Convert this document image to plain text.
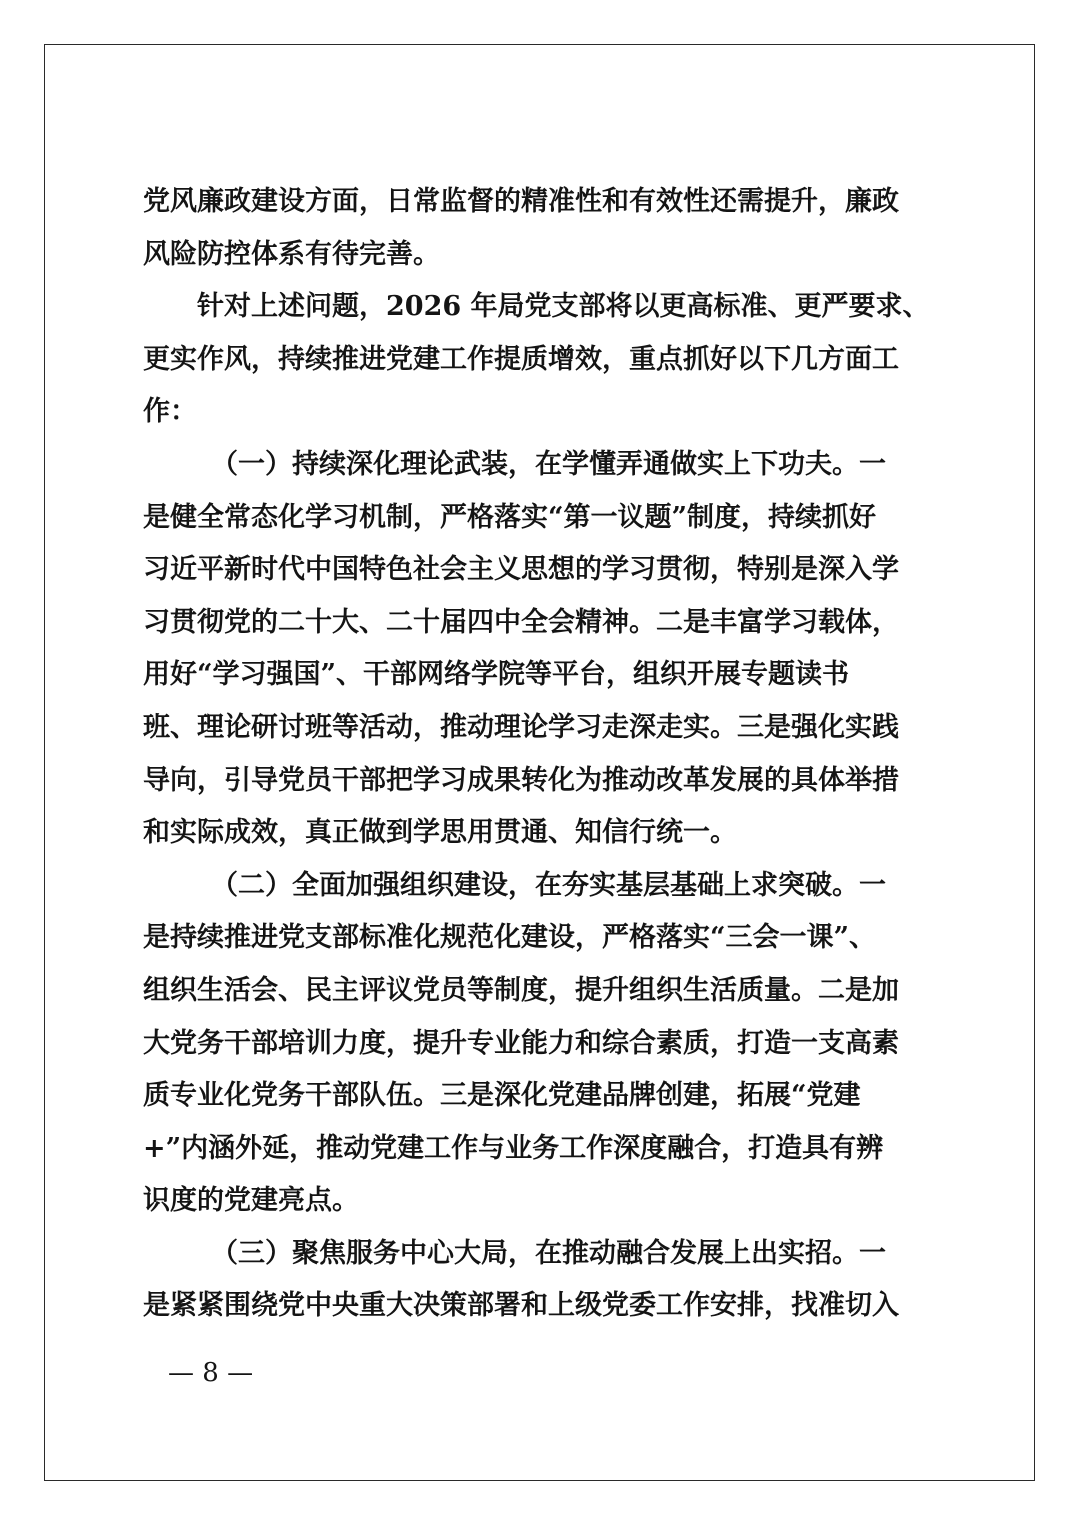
党风廉政建设方面，日常监督的精准性和有效性还需提升，廉政
风险防控体系有待完善。
针对上述问题，2026 年局党支部将以更高标准、更严要求、
更实作风，持续推进党建工作提质增效，重点抓好以下几方面工
作：
（一）持续深化理论武装，在学懂弄通做实上下功夫。一
是健全常态化学习机制，严格落实“第一议题”制度，持续抓好
习近平新时代中国特色社会主义思想的学习贯彻，特别是深入学
习贯彻党的二十大、二十届四中全会精神。二是丰富学习载体，
用好“学习强国”、干部网络学院等平台，组织开展专题读书
班、理论研讨班等活动，推动理论学习走深走实。三是强化实践
导向，引导党员干部把学习成果转化为推动改革发展的具体举措
和实际成效，真正做到学思用贯通、知信行统一。
（二）全面加强组织建设，在夯实基层基础上求突破。一
是持续推进党支部标准化规范化建设，严格落实“三会一课”、
组织生活会、民主评议党员等制度，提升组织生活质量。二是加
大党务干部培训力度，提升专业能力和综合素质，打造一支高素
质专业化党务干部队伍。三是深化党建品牌创建，拓展“党建
+”内涵外延，推动党建工作与业务工作深度融合，打造具有辨
识度的党建亮点。
（三）聚焦服务中心大局，在推动融合发展上出实招。一
是紧紧围绕党中央重大决策部署和上级党委工作安排，找准切入
— 8 —
